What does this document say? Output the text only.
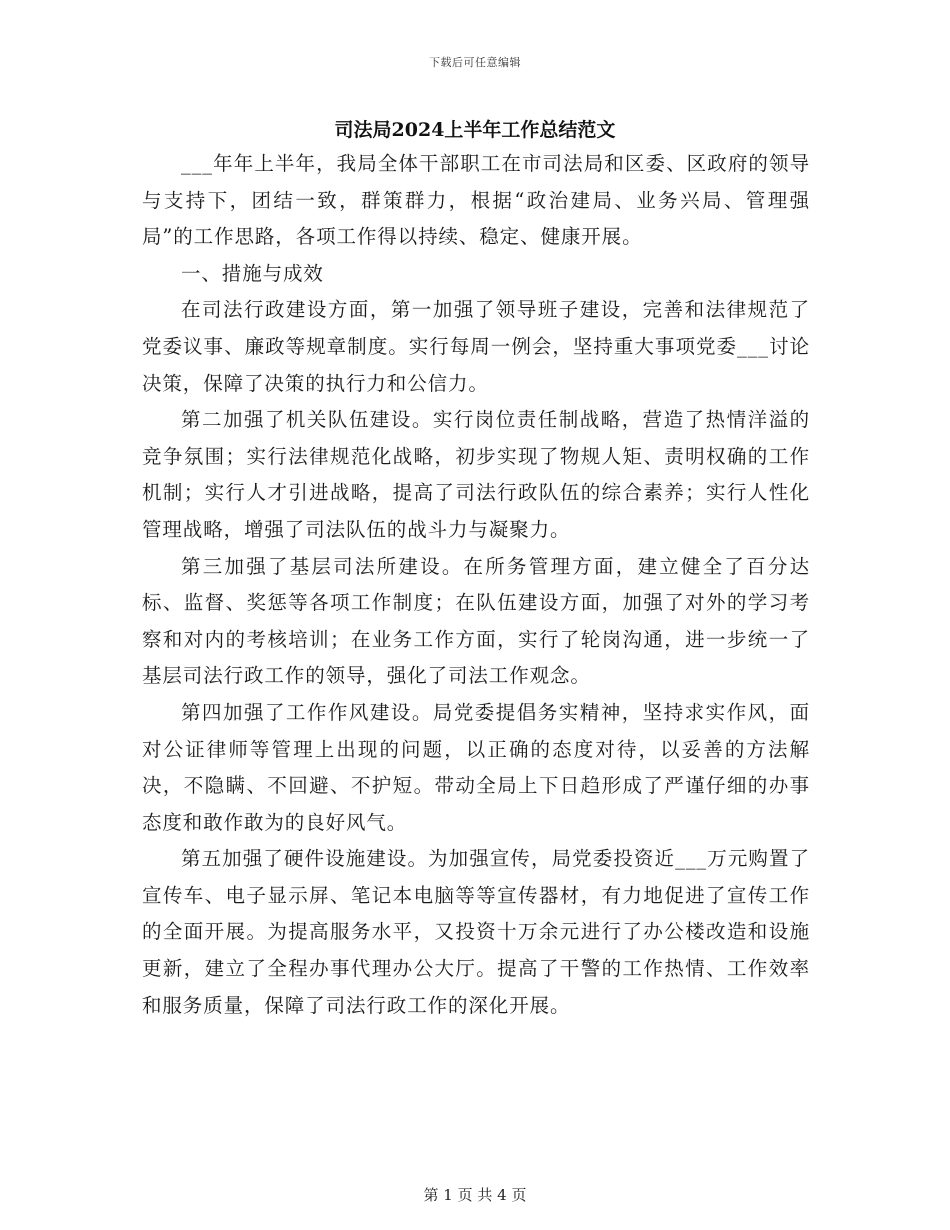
下载后可任意编辑
司法局2024上半年工作总结范文

___年年上半年，我局全体干部职工在市司法局和区委、区政府的领导与支持下，团结一致，群策群力，根据“政治建局、业务兴局、管理强局”的工作思路，各项工作得以持续、稳定、健康开展。

一、措施与成效

在司法行政建设方面，第一加强了领导班子建设，完善和法律规范了党委议事、廉政等规章制度。实行每周一例会，坚持重大事项党委___讨论决策，保障了决策的执行力和公信力。

第二加强了机关队伍建设。实行岗位责任制战略，营造了热情洋溢的竞争氛围；实行法律规范化战略，初步实现了物规人矩、责明权确的工作机制；实行人才引进战略，提高了司法行政队伍的综合素养；实行人性化管理战略，增强了司法队伍的战斗力与凝聚力。

第三加强了基层司法所建设。在所务管理方面，建立健全了百分达标、监督、奖惩等各项工作制度；在队伍建设方面，加强了对外的学习考察和对内的考核培训；在业务工作方面，实行了轮岗沟通，进一步统一了基层司法行政工作的领导，强化了司法工作观念。

第四加强了工作作风建设。局党委提倡务实精神，坚持求实作风，面对公证律师等管理上出现的问题，以正确的态度对待，以妥善的方法解决，不隐瞒、不回避、不护短。带动全局上下日趋形成了严谨仔细的办事态度和敢作敢为的良好风气。

第五加强了硬件设施建设。为加强宣传，局党委投资近___万元购置了宣传车、电子显示屏、笔记本电脑等等宣传器材，有力地促进了宣传工作的全面开展。为提高服务水平，又投资十万余元进行了办公楼改造和设施更新，建立了全程办事代理办公大厅。提高了干警的工作热情、工作效率和服务质量，保障了司法行政工作的深化开展。

第 1 页 共 4 页
